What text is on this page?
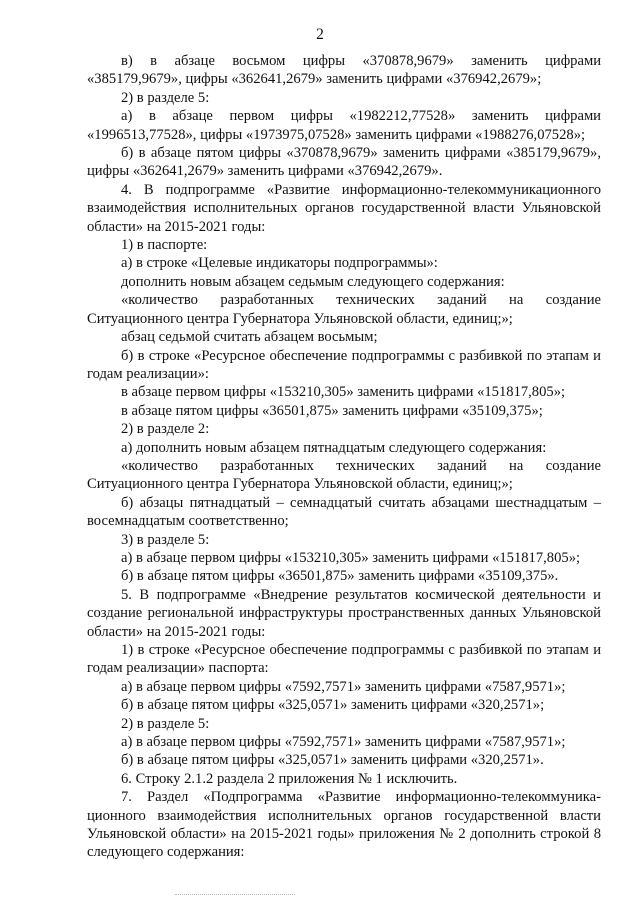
2

в) в абзаце восьмом цифры «370878,9679» заменить цифрами «385179,9679», цифры «362641,2679» заменить цифрами «376942,2679»;

2) в разделе 5:

а) в абзаце первом цифры «1982212,77528» заменить цифрами «1996513,77528», цифры «1973975,07528» заменить цифрами «1988276,07528»;

б) в абзаце пятом цифры «370878,9679» заменить цифрами «385179,9679», цифры «362641,2679» заменить цифрами «376942,2679».

4. В подпрограмме «Развитие информационно-телекоммуникационного взаимодействия исполнительных органов государственной власти Ульяновской области» на 2015-2021 годы:

1) в паспорте:

а) в строке «Целевые индикаторы подпрограммы»:

дополнить новым абзацем седьмым следующего содержания:

«количество разработанных технических заданий на создание Ситуационного центра Губернатора Ульяновской области, единиц;»;

абзац седьмой считать абзацем восьмым;

б) в строке «Ресурсное обеспечение подпрограммы с разбивкой по этапам и годам реализации»:

в абзаце первом цифры «153210,305» заменить цифрами «151817,805»;

в абзаце пятом цифры «36501,875» заменить цифрами «35109,375»;

2) в разделе 2:

а) дополнить новым абзацем пятнадцатым следующего содержания:

«количество разработанных технических заданий на создание Ситуационного центра Губернатора Ульяновской области, единиц;»;

б) абзацы пятнадцатый – семнадцатый считать абзацами шестнадцатым – восемнадцатым соответственно;

3) в разделе 5:

а) в абзаце первом цифры «153210,305» заменить цифрами «151817,805»;

б) в абзаце пятом цифры «36501,875» заменить цифрами «35109,375».

5. В подпрограмме «Внедрение результатов космической деятельности и создание региональной инфраструктуры пространственных данных Ульяновской области» на 2015-2021 годы:

1) в строке «Ресурсное обеспечение подпрограммы с разбивкой по этапам и годам реализации» паспорта:

а) в абзаце первом цифры «7592,7571» заменить цифрами «7587,9571»;

б) в абзаце пятом цифры «325,0571» заменить цифрами «320,2571»;

2) в разделе 5:

а) в абзаце первом цифры «7592,7571» заменить цифрами «7587,9571»;

б) в абзаце пятом цифры «325,0571» заменить цифрами «320,2571».

6. Строку 2.1.2 раздела 2 приложения № 1 исключить.

7. Раздел «Подпрограмма «Развитие информационно-телекоммуника-ционного взаимодействия исполнительных органов государственной власти Ульяновской области» на 2015-2021 годы» приложения № 2 дополнить строкой 8 следующего содержания:
